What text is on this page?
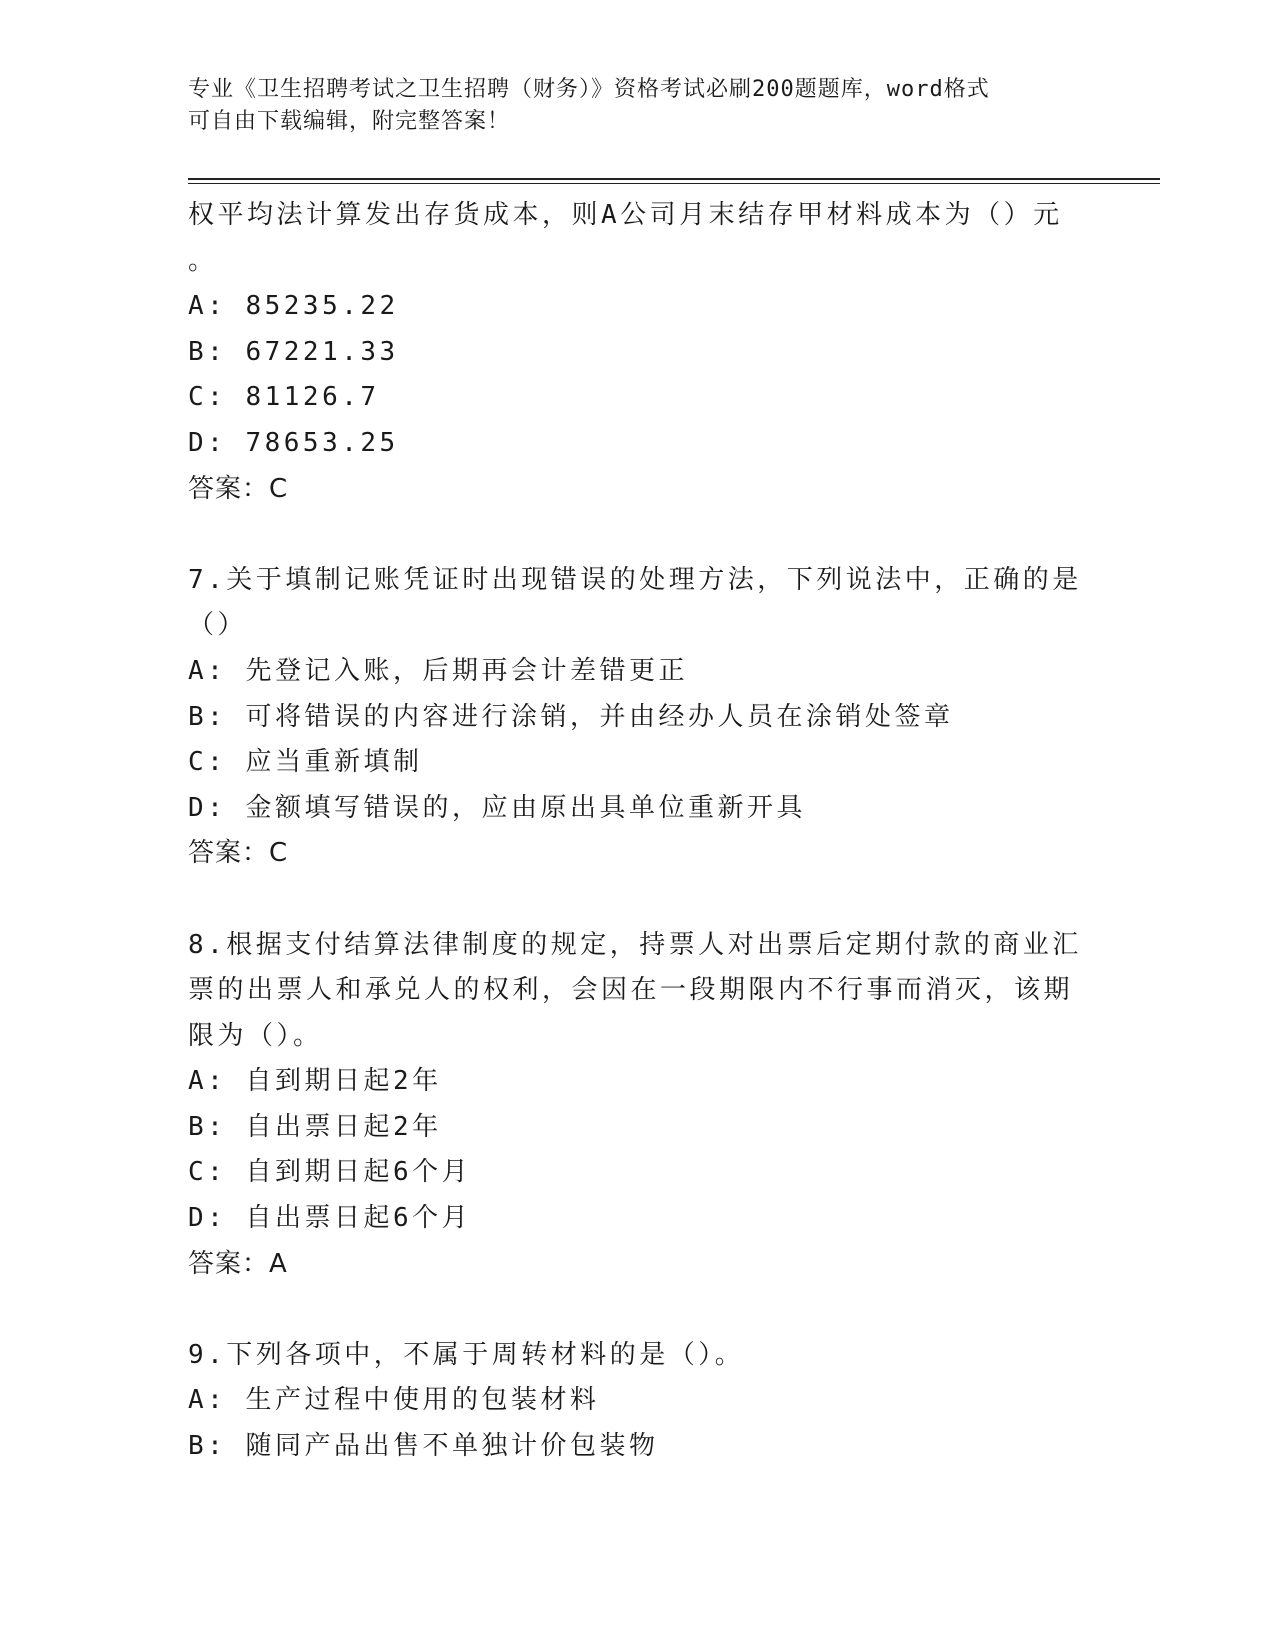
专业《卫生招聘考试之卫生招聘（财务）》资格考试必刷200题题库，word格式
可自由下载编辑，附完整答案！
权平均法计算发出存货成本，则A公司月末结存甲材料成本为（）元
。
A: 85235.22
B: 67221.33
C: 81126.7
D: 78653.25
答案：C
7.关于填制记账凭证时出现错误的处理方法，下列说法中，正确的是
（）
A: 先登记入账，后期再会计差错更正
B: 可将错误的内容进行涂销，并由经办人员在涂销处签章
C: 应当重新填制
D: 金额填写错误的，应由原出具单位重新开具
答案：C
8.根据支付结算法律制度的规定，持票人对出票后定期付款的商业汇
票的出票人和承兑人的权利，会因在一段期限内不行事而消灭，该期
限为（）。
A: 自到期日起2年
B: 自出票日起2年
C: 自到期日起6个月
D: 自出票日起6个月
答案：A
9.下列各项中，不属于周转材料的是（）。
A: 生产过程中使用的包装材料
B: 随同产品出售不单独计价包装物
